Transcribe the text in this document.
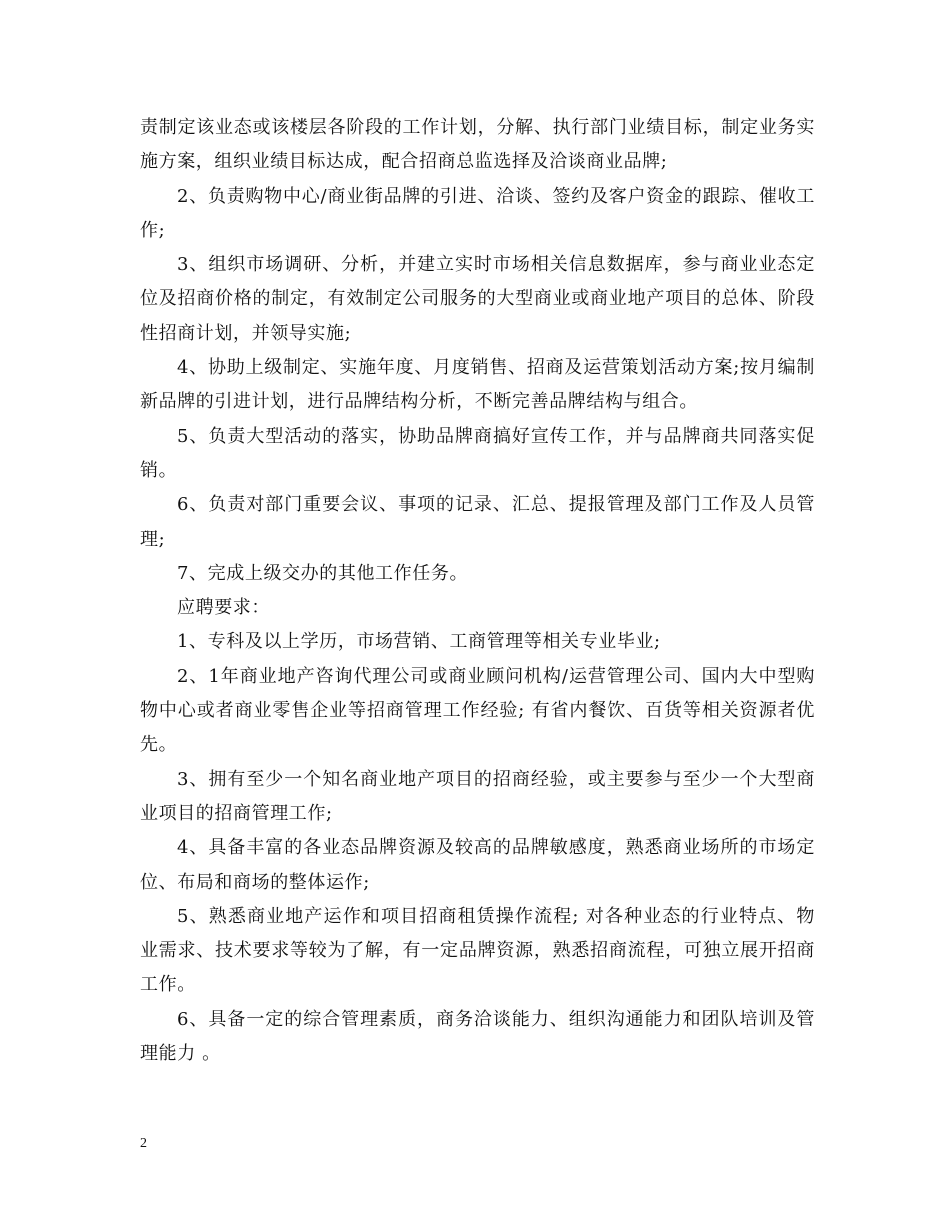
责制定该业态或该楼层各阶段的工作计划，分解、执行部门业绩目标，制定业务实施方案，组织业绩目标达成，配合招商总监选择及洽谈商业品牌;

2、负责购物中心/商业街品牌的引进、洽谈、签约及客户资金的跟踪、催收工作;

3、组织市场调研、分析，并建立实时市场相关信息数据库，参与商业业态定位及招商价格的制定，有效制定公司服务的大型商业或商业地产项目的总体、阶段性招商计划，并领导实施;

4、协助上级制定、实施年度、月度销售、招商及运营策划活动方案;按月编制新品牌的引进计划，进行品牌结构分析，不断完善品牌结构与组合。

5、负责大型活动的落实，协助品牌商搞好宣传工作，并与品牌商共同落实促销。

6、负责对部门重要会议、事项的记录、汇总、提报管理及部门工作及人员管理;

7、完成上级交办的其他工作任务。

应聘要求：

1、专科及以上学历，市场营销、工商管理等相关专业毕业;

2、1年商业地产咨询代理公司或商业顾问机构/运营管理公司、国内大中型购物中心或者商业零售企业等招商管理工作经验; 有省内餐饮、百货等相关资源者优先。

3、拥有至少一个知名商业地产项目的招商经验，或主要参与至少一个大型商业项目的招商管理工作;

4、具备丰富的各业态品牌资源及较高的品牌敏感度，熟悉商业场所的市场定位、布局和商场的整体运作;

5、熟悉商业地产运作和项目招商租赁操作流程; 对各种业态的行业特点、物业需求、技术要求等较为了解，有一定品牌资源，熟悉招商流程，可独立展开招商工作。

6、具备一定的综合管理素质，商务洽谈能力、组织沟通能力和团队培训及管理能力 。

2
